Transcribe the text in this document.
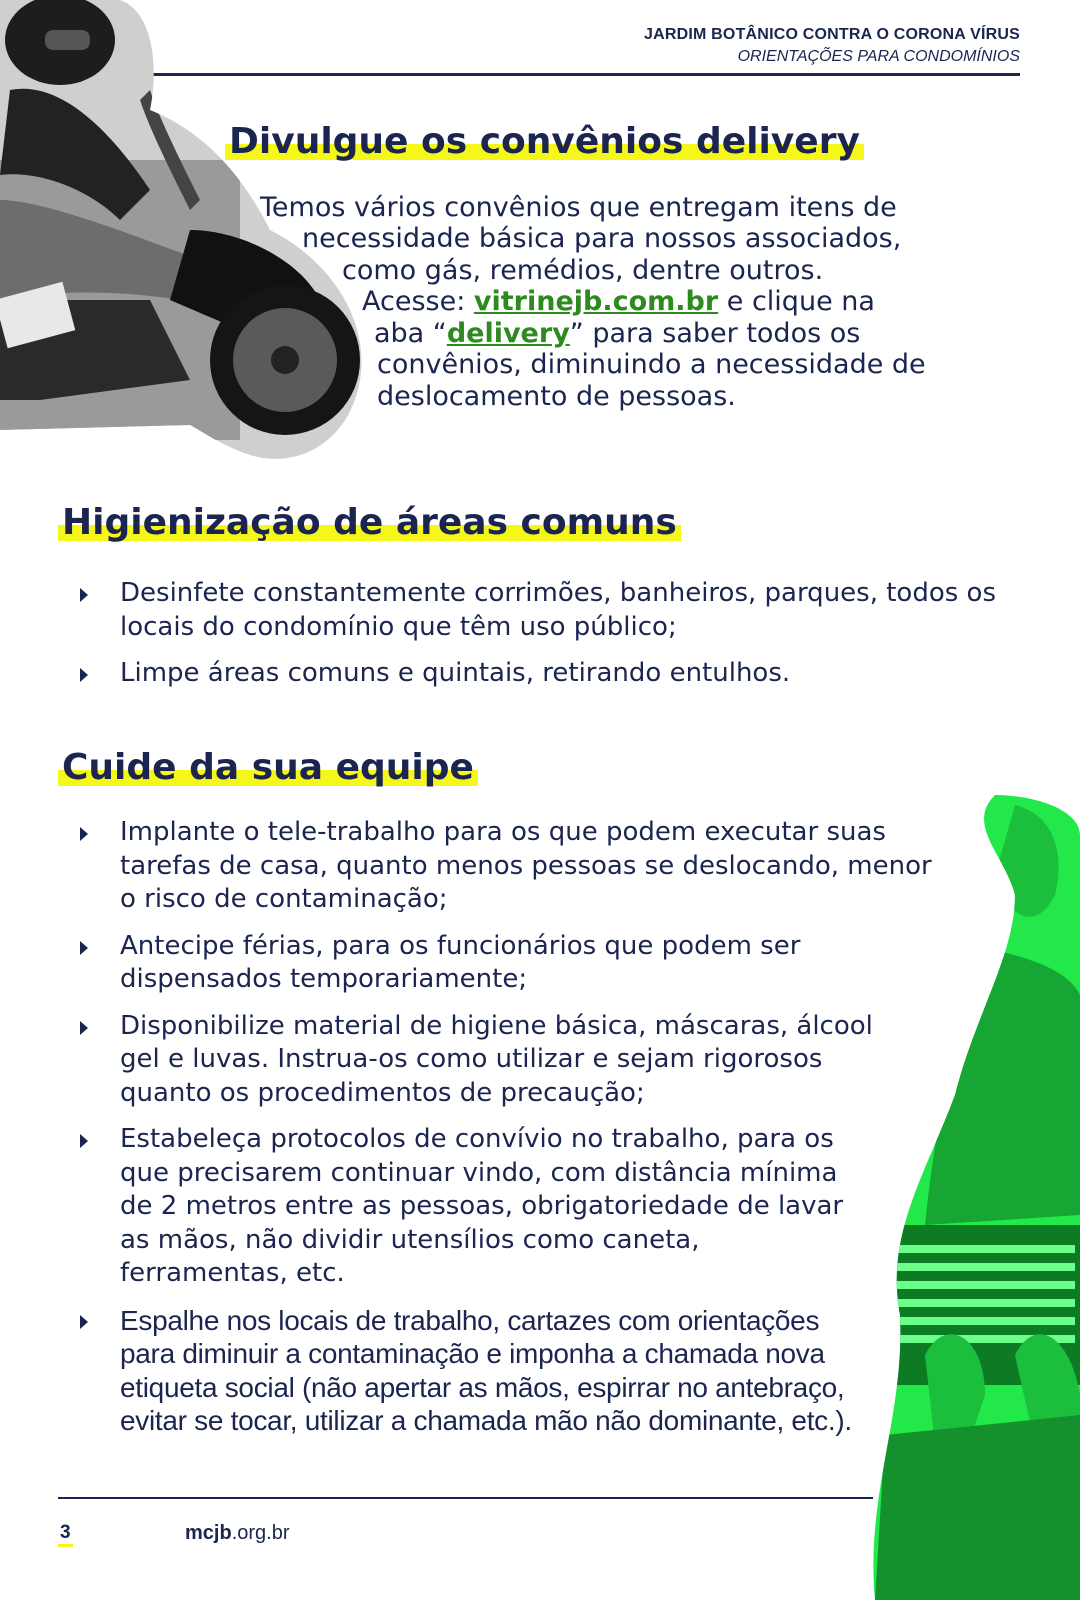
JARDIM BOTÂNICO CONTRA O CORONA VÍRUS
ORIENTAÇÕES PARA CONDOMÍNIOS
Divulgue os convênios delivery
Temos vários convênios que entregam itens de
necessidade básica para nossos associados,
como gás, remédios, dentre outros.
Acesse: vitrinejb.com.br e clique na
aba “delivery” para saber todos os
convênios, diminuindo a necessidade de
deslocamento de pessoas.
Higienização de áreas comuns
Desinfete constantemente corrimões, banheiros, parques, todos os locais do condomínio que têm uso público;
Limpe áreas comuns e quintais, retirando entulhos.
Cuide da sua equipe
Implante o tele-trabalho para os que podem executar suas tarefas de casa, quanto menos pessoas se deslocando, menor o risco de contaminação;
Antecipe férias, para os funcionários que podem ser dispensados temporariamente;
Disponibilize material de higiene básica, máscaras, álcool gel e luvas. Instrua-os como utilizar e sejam rigorosos quanto os procedimentos de precaução;
Estabeleça protocolos de convívio no trabalho, para os que precisarem continuar vindo, com distância mínima de 2 metros entre as pessoas, obrigatoriedade de lavar as mãos, não dividir utensílios como caneta, ferramentas, etc.
Espalhe nos locais de trabalho, cartazes com orientações para diminuir a contaminação e imponha a chamada nova etiqueta social (não apertar as mãos, espirrar no antebraço, evitar se tocar, utilizar a chamada mão não dominante, etc.).
3	mcjb.org.br
